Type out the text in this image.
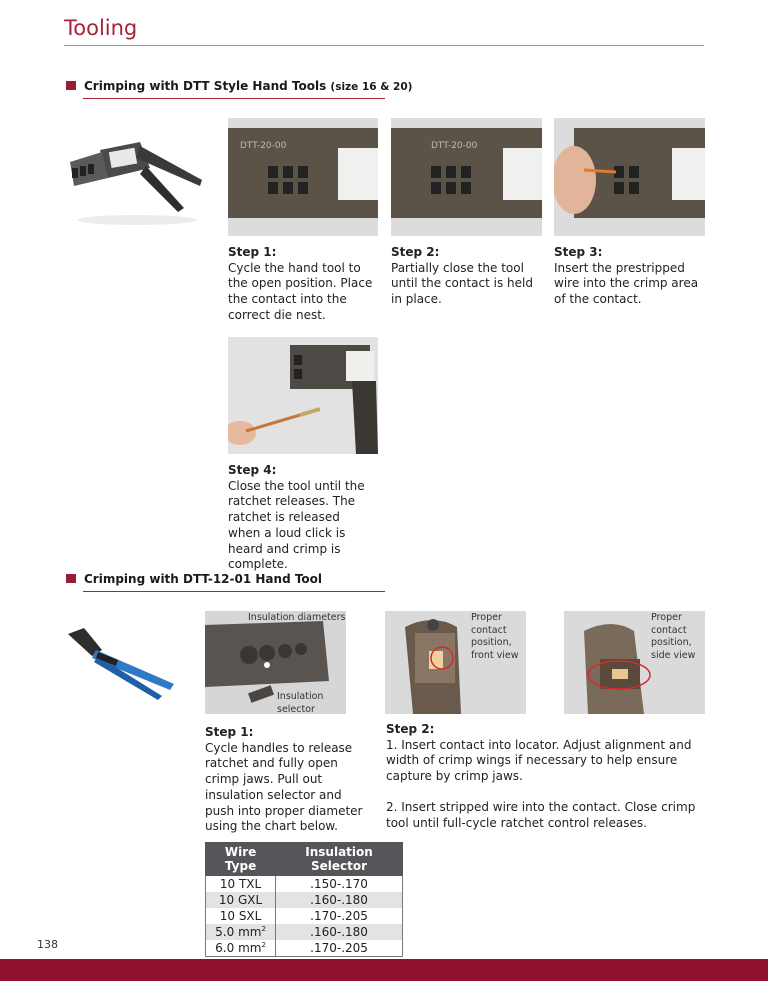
Tooling
Crimping with DTT Style Hand Tools (size 16 & 20)
DTT-20-00	DTT-20-00
Step 1:
Cycle the hand tool to the open position. Place the contact into the correct die nest.
Step 2:
Partially close the tool until the contact is held in place.
Step 3:
Insert the prestripped wire into the crimp area of the contact.
Step 4:
Close the tool until the ratchet releases. The ratchet is released when a loud click is heard and crimp is complete.
Crimping with DTT-12-01 Hand Tool
Insulation diameters
Insulation selector
Proper contact position, front view
Proper contact position, side view
Step 1:
Cycle handles to release ratchet and fully open crimp jaws. Pull out insulation selector and push into proper diameter using the chart below.
Step 2:
1. Insert contact into locator. Adjust alignment and width of crimp wings if necessary to help ensure capture by crimp jaws.
2. Insert stripped wire into the contact. Close crimp tool until full-cycle ratchet control releases.
Wire Type	Insulation Selector
10 TXL	.150-.170
10 GXL	.160-.180
10 SXL	.170-.205
5.0 $mm^2$	.160-.180
6.0 $mm^2$	.170-.205
138
